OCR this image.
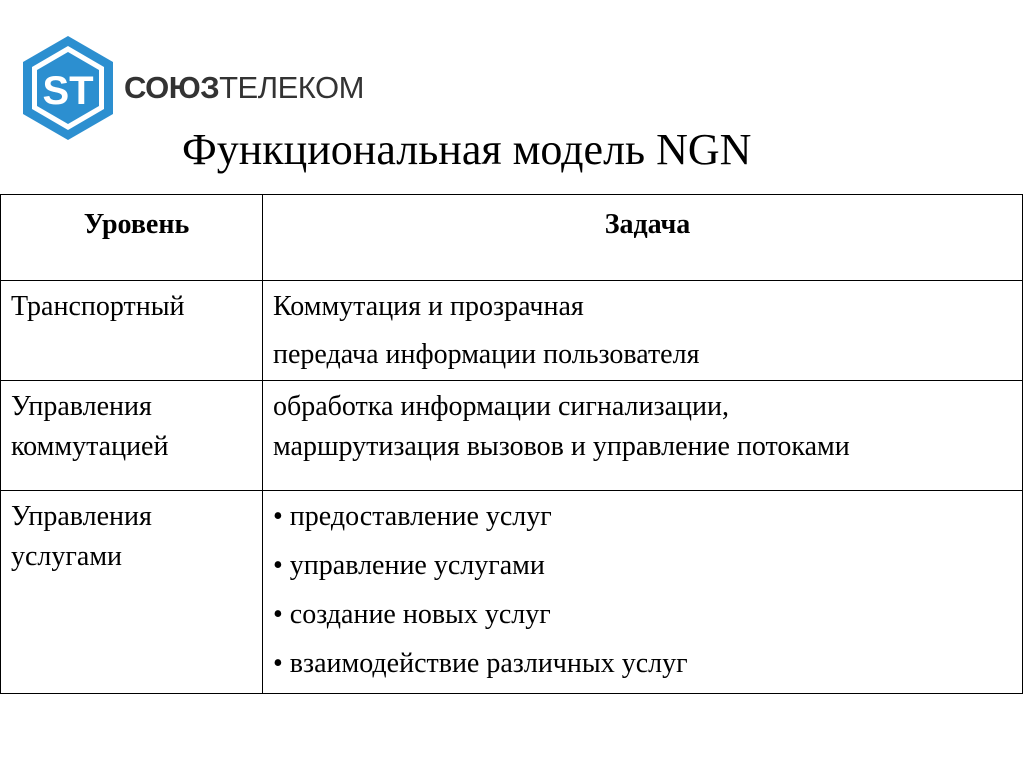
ST СОЮЗТЕЛЕКОМ
Функциональная модель NGN
Уровень	Задача

Транспортный	Коммутация и прозрачная
передача информации пользователя

Управления
коммутацией	обработка информации сигнализации,
маршрутизация вызовов и управление потоками

Управления
услугами	• предоставление услуг
• управление услугами
• создание новых услуг
• взаимодействие различных услуг
